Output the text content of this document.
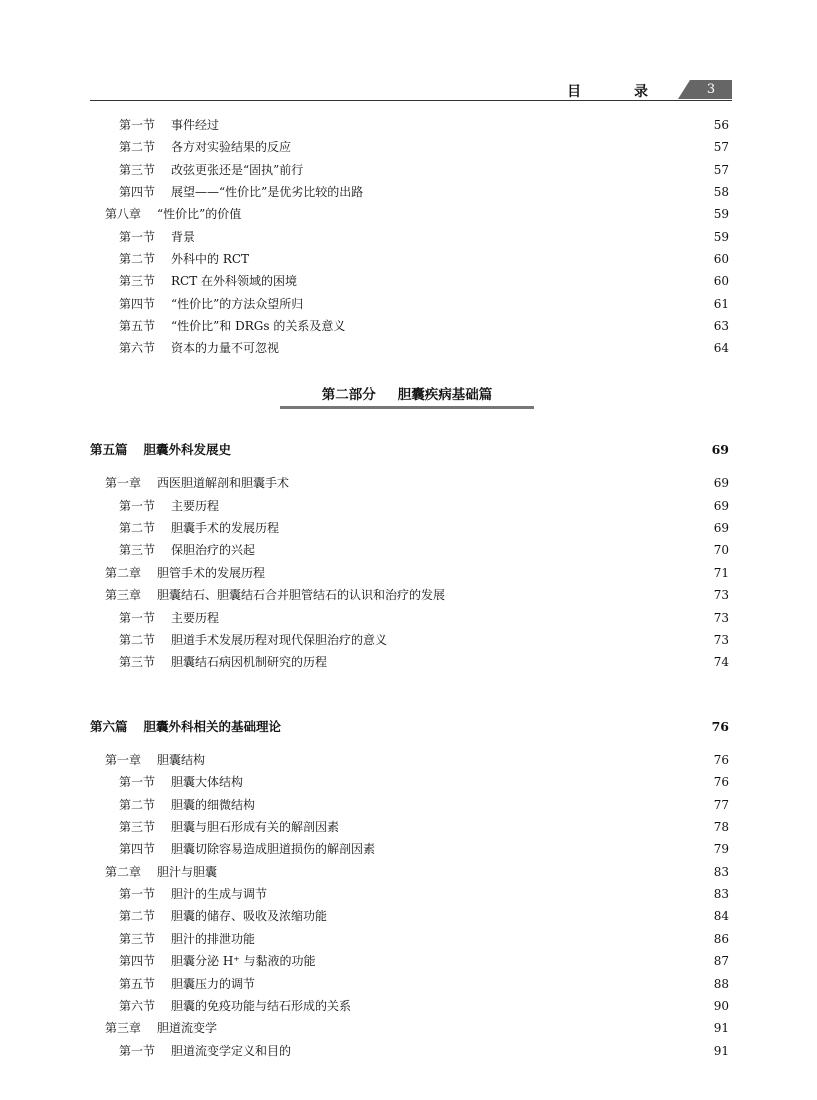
目 录	3
第一节 事件经过	56
第二节 各方对实验结果的反应	57
第三节 改弦更张还是“固执”前行	57
第四节 展望——“性价比”是优劣比较的出路	58
第八章 “性价比”的价值	59
第一节 背景	59
第二节 外科中的 RCT	60
第三节 RCT 在外科领域的困境	60
第四节 “性价比”的方法众望所归	61
第五节 “性价比”和 DRGs 的关系及意义	63
第六节 资本的力量不可忽视	64
第二部分 胆囊疾病基础篇
第五篇 胆囊外科发展史	69
第一章 西医胆道解剖和胆囊手术	69
第一节 主要历程	69
第二节 胆囊手术的发展历程	69
第三节 保胆治疗的兴起	70
第二章 胆管手术的发展历程	71
第三章 胆囊结石、胆囊结石合并胆管结石的认识和治疗的发展	73
第一节 主要历程	73
第二节 胆道手术发展历程对现代保胆治疗的意义	73
第三节 胆囊结石病因机制研究的历程	74
第六篇 胆囊外科相关的基础理论	76
第一章 胆囊结构	76
第一节 胆囊大体结构	76
第二节 胆囊的细微结构	77
第三节 胆囊与胆石形成有关的解剖因素	78
第四节 胆囊切除容易造成胆道损伤的解剖因素	79
第二章 胆汁与胆囊	83
第一节 胆汁的生成与调节	83
第二节 胆囊的储存、吸收及浓缩功能	84
第三节 胆汁的排泄功能	86
第四节 胆囊分泌 H⁺ 与黏液的功能	87
第五节 胆囊压力的调节	88
第六节 胆囊的免疫功能与结石形成的关系	90
第三章 胆道流变学	91
第一节 胆道流变学定义和目的	91
